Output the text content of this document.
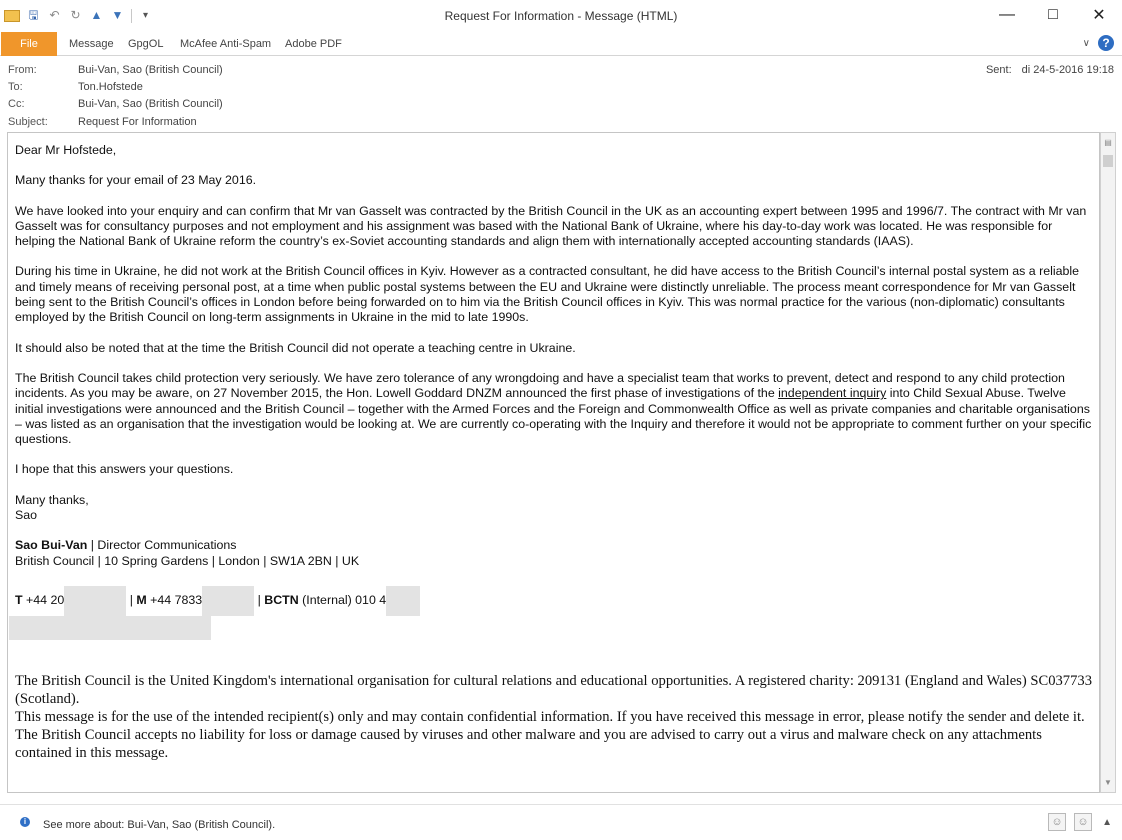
🖫 ↶ ↻ ▲ ▼	▾	Request For Information - Message (HTML)	—	□	✕
File	Message GpgOL McAfee Anti-Spam Adobe PDF	∨	?
From:	Bui-Van, Sao (British Council)
To:	Ton.Hofstede
Cc:	Bui-Van, Sao (British Council)
Subject:	Request For Information
Sent: di 24-5-2016 19:18

Dear Mr Hofstede,

Many thanks for your email of 23 May 2016.

We have looked into your enquiry and can confirm that Mr van Gasselt was contracted by the British Council in the UK as an accounting expert between 1995 and 1996/7. The contract with Mr van Gasselt was for consultancy purposes and not employment and his assignment was based with the National Bank of Ukraine, where his day-to-day work was located. He was responsible for helping the National Bank of Ukraine reform the country’s ex-Soviet accounting standards and align them with internationally accepted accounting standards (IAAS).

During his time in Ukraine, he did not work at the British Council offices in Kyiv. However as a contracted consultant, he did have access to the British Council’s internal postal system as a reliable and timely means of receiving personal post, at a time when public postal systems between the EU and Ukraine were distinctly unreliable. The process meant correspondence for Mr van Gasselt being sent to the British Council’s offices in London before being forwarded on to him via the British Council offices in Kyiv. This was normal practice for the various (non-diplomatic) consultants employed by the British Council on long-term assignments in Ukraine in the mid to late 1990s.

It should also be noted that at the time the British Council did not operate a teaching centre in Ukraine.

The British Council takes child protection very seriously. We have zero tolerance of any wrongdoing and have a specialist team that works to prevent, detect and respond to any child protection incidents. As you may be aware, on 27 November 2015, the Hon. Lowell Goddard DNZM announced the first phase of investigations of the independent inquiry into Child Sexual Abuse. Twelve initial investigations were announced and the British Council – together with the Armed Forces and the Foreign and Commonwealth Office as well as private companies and charitable organisations – was listed as an organisation that the investigation would be looking at. We are currently co-operating with the Inquiry and therefore it would not be appropriate to comment further on your specific questions.

I hope that this answers your questions.

Many thanks,

Sao

Sao Bui-Van | Director Communications

British Council | 10 Spring Gardens | London | SW1A 2BN | UK

T +44 20	| M +44 7833	| BCTN (Internal) 010 4

The British Council is the United Kingdom's international organisation for cultural relations and educational opportunities. A registered charity: 209131 (England and Wales) SC037733 (Scotland).
This message is for the use of the intended recipient(s) only and may contain confidential information. If you have received this message in error, please notify the sender and delete it.
The British Council accepts no liability for loss or damage caused by viruses and other malware and you are advised to carry out a virus and malware check on any attachments contained in this message.
▤
▼
i	See more about: Bui-Van, Sao (British Council).	☺	☺	▲
